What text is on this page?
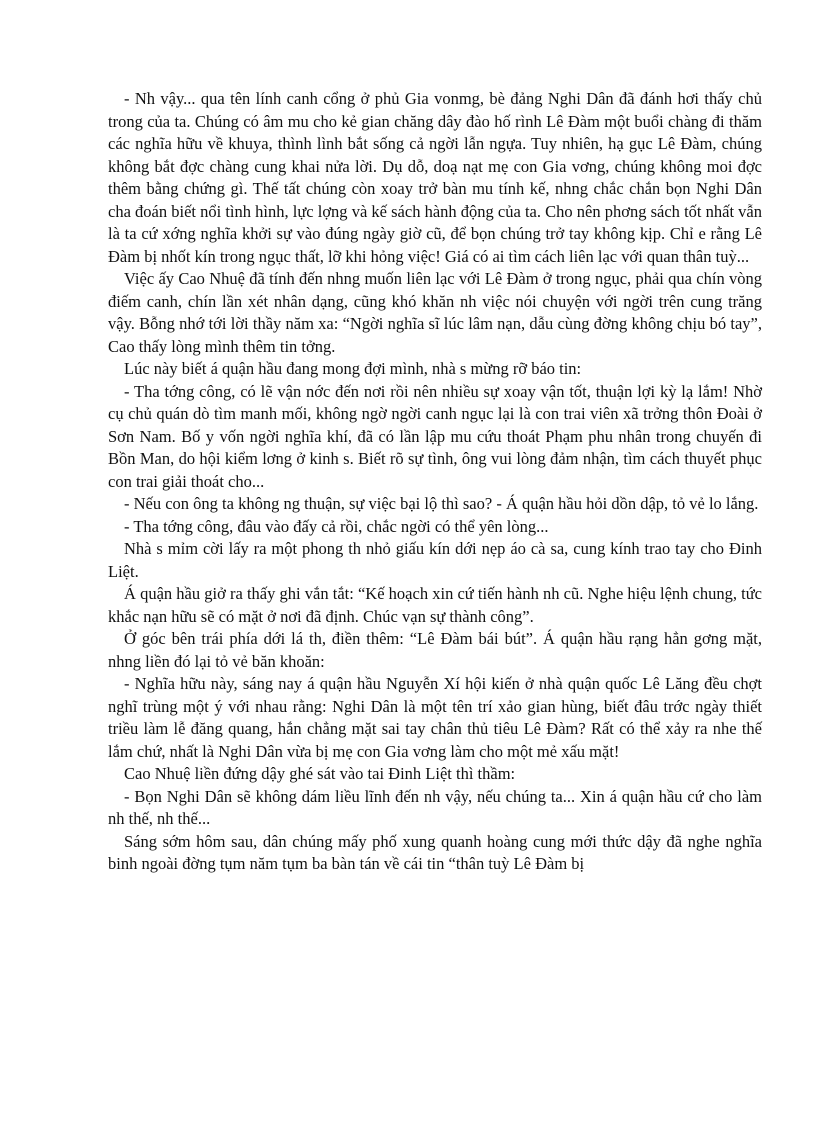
- Nh vậy... qua tên lính canh cổng ở phủ Gia vonmg, bè đảng Nghi Dân đã đánh hơi thấy chủ trong của ta. Chúng có âm mu cho kẻ gian chăng dây đào hố rình Lê Đàm một buổi chàng đi thăm các nghĩa hữu về khuya, thình lình bắt sống cả ngời lẫn ngựa. Tuy nhiên, hạ gục Lê Đàm, chúng không bắt đợc chàng cung khai nửa lời. Dụ dỗ, doạ nạt mẹ con Gia vơng, chúng không moi đợc thêm bằng chứng gì. Thế tất chúng còn xoay trở bàn mu tính kế, nhng chắc chắn bọn Nghi Dân cha đoán biết nổi tình hình, lực lợng và kế sách hành động của ta. Cho nên phơng sách tốt nhất vẫn là ta cứ xớng nghĩa khởi sự vào đúng ngày giờ cũ, để bọn chúng trở tay không kịp. Chỉ e rằng Lê Đàm bị nhốt kín trong ngục thất, lỡ khi hỏng việc! Giá có ai tìm cách liên lạc với quan thân tuỳ...

Việc ấy Cao Nhuệ đã tính đến nhng muốn liên lạc với Lê Đàm ở trong ngục, phải qua chín vòng điếm canh, chín lần xét nhân dạng, cũng khó khăn nh việc nói chuyện với ngời trên cung trăng vậy. Bỗng nhớ tới lời thầy năm xa: “Ngời nghĩa sĩ lúc lâm nạn, dẫu cùng đờng không chịu bó tay”, Cao thấy lòng mình thêm tin tởng.

Lúc này biết á quận hầu đang mong đợi mình, nhà s mừng rỡ báo tin:

- Tha tớng công, có lẽ vận nớc đến nơi rồi nên nhiều sự xoay vận tốt, thuận lợi kỳ lạ lắm! Nhờ cụ chủ quán dò tìm manh mối, không ngờ ngời canh ngục lại là con trai viên xã trởng thôn Đoài ở Sơn Nam. Bố y vốn ngời nghĩa khí, đã có lần lập mu cứu thoát Phạm phu nhân trong chuyến đi Bồn Man, do hội kiểm lơng ở kinh s. Biết rõ sự tình, ông vui lòng đảm nhận, tìm cách thuyết phục con trai giải thoát cho...

- Nếu con ông ta không ng thuận, sự việc bại lộ thì sao? - Á quận hầu hỏi dồn dập, tỏ vẻ lo lắng.

- Tha tớng công, đâu vào đấy cả rồi, chắc ngời có thể yên lòng...

Nhà s mỉm cời lấy ra một phong th nhỏ giấu kín dới nẹp áo cà sa, cung kính trao tay cho Đinh Liệt.

Á quận hầu giở ra thấy ghi vắn tắt: “Kế hoạch xin cứ tiến hành nh cũ. Nghe hiệu lệnh chung, tức khắc nạn hữu sẽ có mặt ở nơi đã định. Chúc vạn sự thành công”.

Ở góc bên trái phía dới lá th, điền thêm: “Lê Đàm bái bút”. Á quận hầu rạng hẳn gơng mặt, nhng liền đó lại tỏ vẻ băn khoăn:

- Nghĩa hữu này, sáng nay á quận hầu Nguyễn Xí hội kiến ở nhà quận quốc Lê Lăng đều chợt nghĩ trùng một ý với nhau rằng: Nghi Dân là một tên trí xảo gian hùng, biết đâu trớc ngày thiết triều làm lễ đăng quang, hắn chẳng mặt sai tay chân thủ tiêu Lê Đàm? Rất có thể xảy ra nhe thế lắm chứ, nhất là Nghi Dân vừa bị mẹ con Gia vơng làm cho một mẻ xấu mặt!

Cao Nhuệ liền đứng dậy ghé sát vào tai Đinh Liệt thì thầm:

- Bọn Nghi Dân sẽ không dám liều lĩnh đến nh vậy, nếu chúng ta... Xin á quận hầu cứ cho làm nh thế, nh thế...

Sáng sớm hôm sau, dân chúng mấy phố xung quanh hoàng cung mới thức dậy đã nghe nghĩa binh ngoài đờng tụm năm tụm ba bàn tán về cái tin “thân tuỳ Lê Đàm bị
